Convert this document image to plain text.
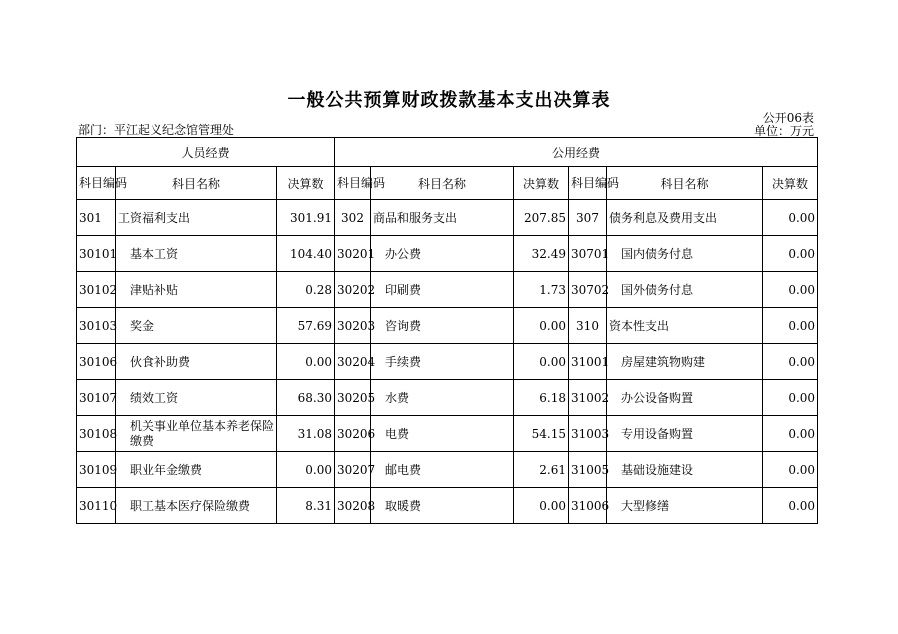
一般公共预算财政拨款基本支出决算表
公开06表
部门：平江起义纪念馆管理处	单位：万元
人员经费			公用经费					
科目编码	科目名称	决算数	科目编码	科目名称	决算数	科目编码	科目名称	决算数
301	工资福利支出	301.91	302	商品和服务支出	207.85	307	债务利息及费用支出	0.00
30101	基本工资	104.40	30201	办公费	32.49	30701	国内债务付息	0.00
30102	津贴补贴	0.28	30202	印刷费	1.73	30702	国外债务付息	0.00
30103	奖金	57.69	30203	咨询费	0.00	310	资本性支出	0.00
30106	伙食补助费	0.00	30204	手续费	0.00	31001	房屋建筑物购建	0.00
30107	绩效工资	68.30	30205	水费	6.18	31002	办公设备购置	0.00
30108	机关事业单位基本养老保险缴费	31.08	30206	电费	54.15	31003	专用设备购置	0.00
30109	职业年金缴费	0.00	30207	邮电费	2.61	31005	基础设施建设	0.00
30110	职工基本医疗保险缴费	8.31	30208	取暖费	0.00	31006	大型修缮	0.00
